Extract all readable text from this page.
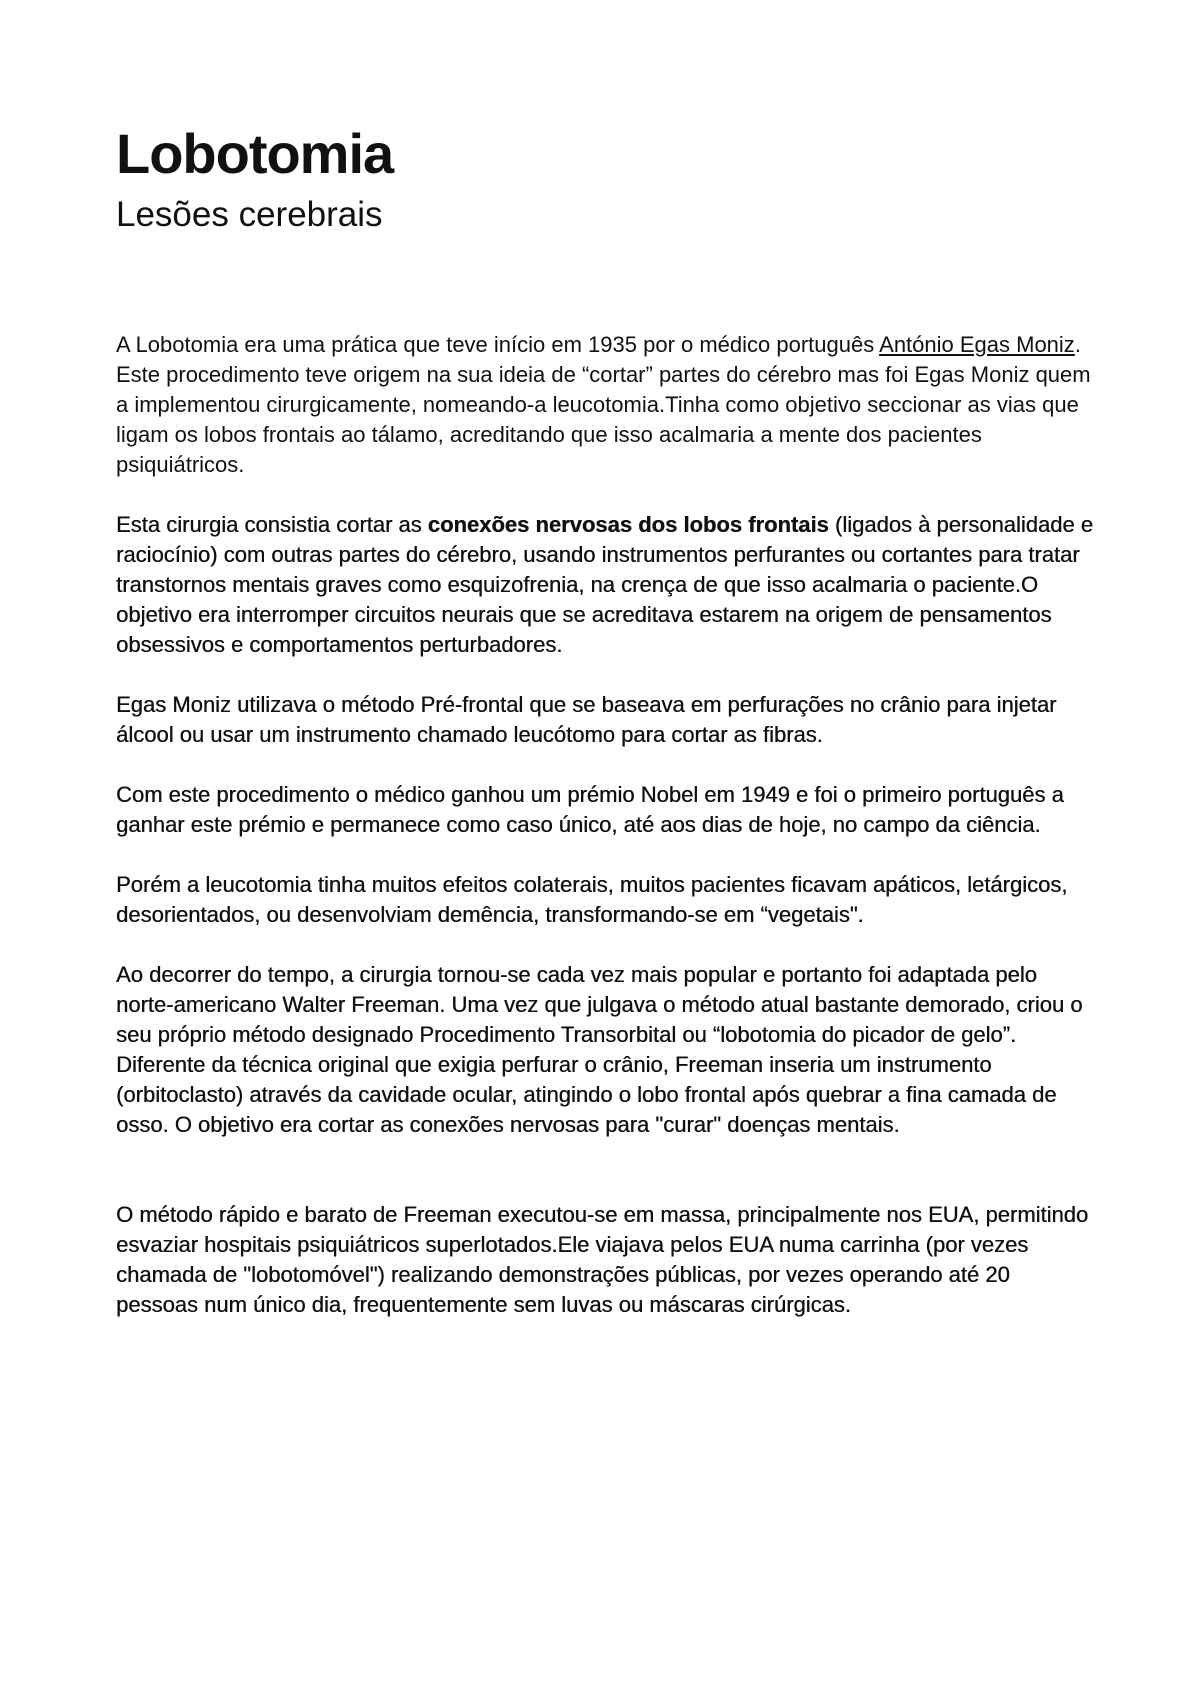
Lobotomia
Lesões cerebrais

A Lobotomia era uma prática que teve início em 1935 por o médico português António Egas Moniz. Este procedimento teve origem na sua ideia de “cortar” partes do cérebro mas foi Egas Moniz quem a implementou cirurgicamente, nomeando-a leucotomia.Tinha como objetivo seccionar as vias que ligam os lobos frontais ao tálamo, acreditando que isso acalmaria a mente dos pacientes psiquiátricos.

Esta cirurgia consistia cortar as conexões nervosas dos lobos frontais (ligados à personalidade e raciocínio) com outras partes do cérebro, usando instrumentos perfurantes ou cortantes para tratar transtornos mentais graves como esquizofrenia, na crença de que isso acalmaria o paciente.O objetivo era interromper circuitos neurais que se acreditava estarem na origem de pensamentos obsessivos e comportamentos perturbadores.

Egas Moniz utilizava o método Pré-frontal que se baseava em perfurações no crânio para injetar álcool ou usar um instrumento chamado leucótomo para cortar as fibras.

Com este procedimento o médico ganhou um prémio Nobel em 1949 e foi o primeiro português a ganhar este prémio e permanece como caso único, até aos dias de hoje, no campo da ciência.

Porém a leucotomia tinha muitos efeitos colaterais, muitos pacientes ficavam apáticos, letárgicos, desorientados, ou desenvolviam demência, transformando-se em “vegetais".

Ao decorrer do tempo, a cirurgia tornou-se cada vez mais popular e portanto foi adaptada pelo norte-americano Walter Freeman. Uma vez que julgava o método atual bastante demorado, criou o seu próprio método designado Procedimento Transorbital ou “lobotomia do picador de gelo”. Diferente da técnica original que exigia perfurar o crânio, Freeman inseria um instrumento (orbitoclasto) através da cavidade ocular, atingindo o lobo frontal após quebrar a fina camada de osso. O objetivo era cortar as conexões nervosas para "curar" doenças mentais.

O método rápido e barato de Freeman executou-se em massa, principalmente nos EUA, permitindo esvaziar hospitais psiquiátricos superlotados.Ele viajava pelos EUA numa carrinha (por vezes chamada de "lobotomóvel") realizando demonstrações públicas, por vezes operando até 20 pessoas num único dia, frequentemente sem luvas ou máscaras cirúrgicas.
